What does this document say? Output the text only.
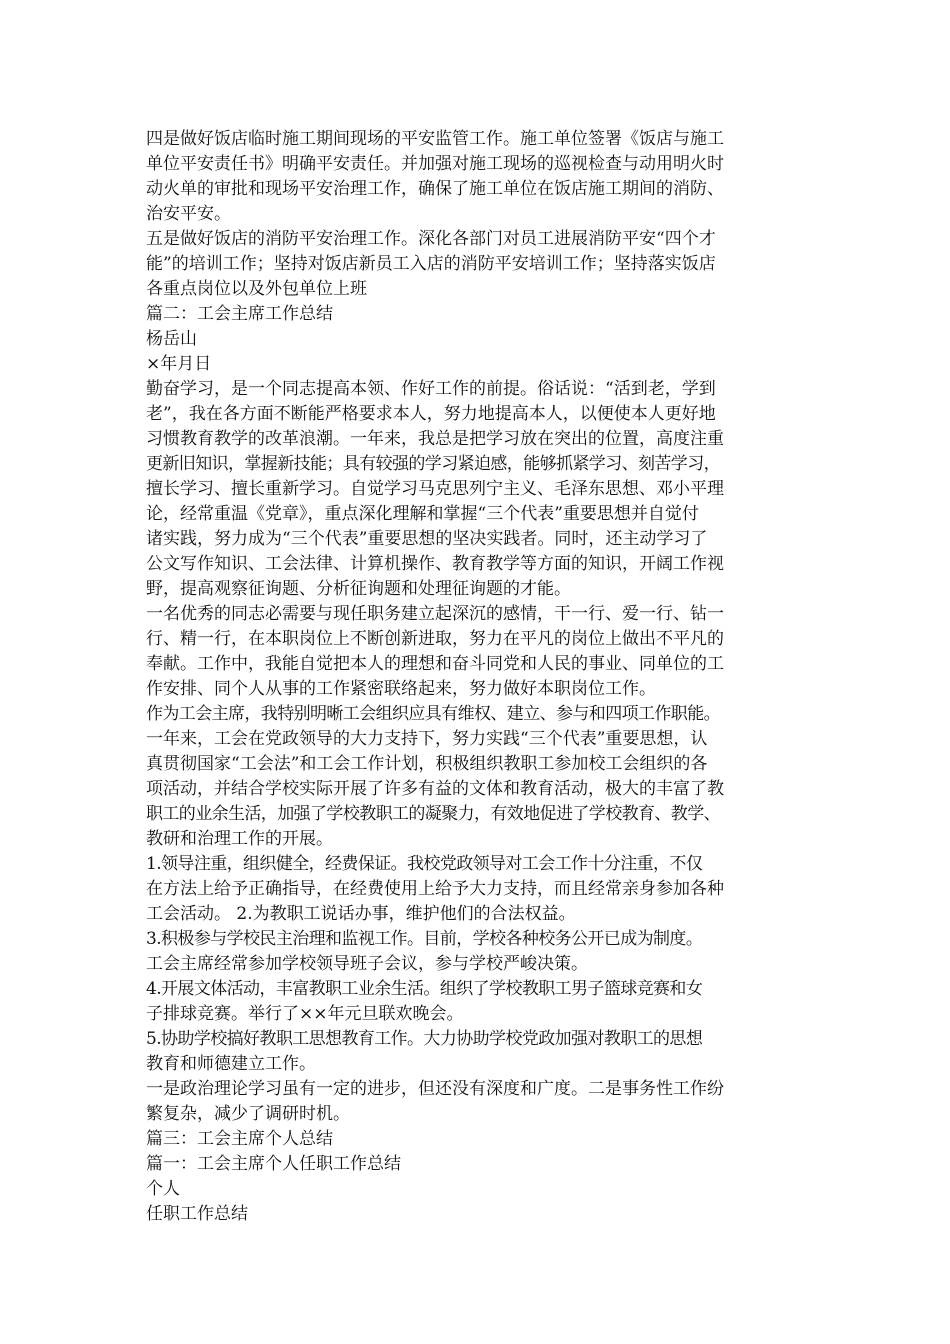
四是做好饭店临时施工期间现场的平安监管工作。施工单位签署《饭店与施工
单位平安责任书》明确平安责任。并加强对施工现场的巡视检查与动用明火时
动火单的审批和现场平安治理工作，确保了施工单位在饭店施工期间的消防、
治安平安。
五是做好饭店的消防平安治理工作。深化各部门对员工进展消防平安“四个才
能”的培训工作；坚持对饭店新员工入店的消防平安培训工作；坚持落实饭店
各重点岗位以及外包单位上班
篇二：工会主席工作总结
杨岳山
×年月日
勤奋学习，是一个同志提高本领、作好工作的前提。俗话说：“活到老，学到
老”，我在各方面不断能严格要求本人，努力地提高本人，以便使本人更好地
习惯教育教学的改革浪潮。一年来，我总是把学习放在突出的位置，高度注重
更新旧知识，掌握新技能；具有较强的学习紧迫感，能够抓紧学习、刻苦学习，
擅长学习、擅长重新学习。自觉学习马克思列宁主义、毛泽东思想、邓小平理
论，经常重温《党章》，重点深化理解和掌握“三个代表”重要思想并自觉付
诸实践，努力成为“三个代表”重要思想的坚决实践者。同时，还主动学习了
公文写作知识、工会法律、计算机操作、教育教学等方面的知识，开阔工作视
野，提高观察征询题、分析征询题和处理征询题的才能。
一名优秀的同志必需要与现任职务建立起深沉的感情，干一行、爱一行、钻一
行、精一行，在本职岗位上不断创新进取，努力在平凡的岗位上做出不平凡的
奉献。工作中，我能自觉把本人的理想和奋斗同党和人民的事业、同单位的工
作安排、同个人从事的工作紧密联络起来，努力做好本职岗位工作。
作为工会主席，我特别明晰工会组织应具有维权、建立、参与和四项工作职能。
一年来，工会在党政领导的大力支持下，努力实践“三个代表”重要思想，认
真贯彻国家“工会法”和工会工作计划，积极组织教职工参加校工会组织的各
项活动，并结合学校实际开展了许多有益的文体和教育活动，极大的丰富了教
职工的业余生活，加强了学校教职工的凝聚力，有效地促进了学校教育、教学、
教研和治理工作的开展。
1.领导注重，组织健全，经费保证。我校党政领导对工会工作十分注重，不仅
在方法上给予正确指导，在经费使用上给予大力支持，而且经常亲身参加各种
工会活动。 2.为教职工说话办事，维护他们的合法权益。
3.积极参与学校民主治理和监视工作。目前，学校各种校务公开已成为制度。
工会主席经常参加学校领导班子会议，参与学校严峻决策。
4.开展文体活动，丰富教职工业余生活。组织了学校教职工男子篮球竞赛和女
子排球竞赛。举行了××年元旦联欢晚会。
5.协助学校搞好教职工思想教育工作。大力协助学校党政加强对教职工的思想
教育和师德建立工作。
一是政治理论学习虽有一定的进步，但还没有深度和广度。二是事务性工作纷
繁复杂，减少了调研时机。
篇三：工会主席个人总结
篇一：工会主席个人任职工作总结
个人
任职工作总结
